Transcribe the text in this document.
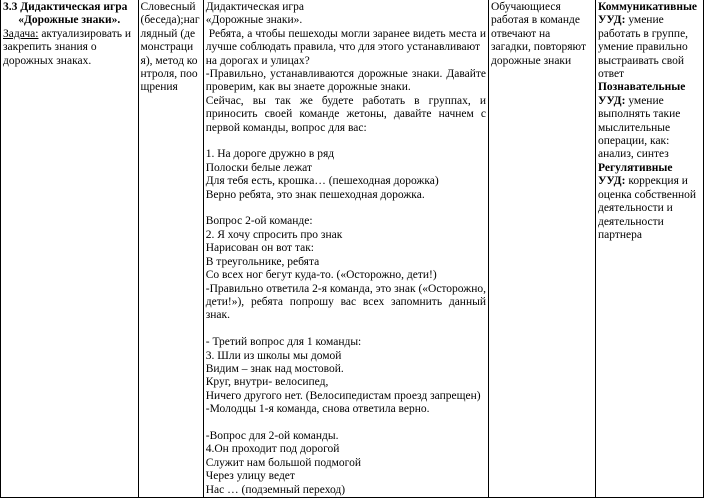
3.3 Дидактическая игра
«Дорожные знаки».
Задача: актуализировать и закрепить знания о дорожных знаках.

Словесный(беседа);наглядный (демонстрация), метод контроля, поощрения

Дидактическая игра
«Дорожные знаки».
Ребята, а чтобы пешеходы могли заранее видеть места и лучше соблюдать правила, что для этого устанавливают
на дорогах и улицах?
-Правильно, устанавливаются дорожные знаки. Давайте проверим, как вы знаете дорожные знаки.
Сейчас, вы так же будете работать в группах, и приносить своей команде жетоны, давайте начнем с первой команды, вопрос для вас:
1. На дороге дружно в ряд
Полоски белые лежат
Для тебя есть, крошка… (пешеходная дорожка)
Верно ребята, это знак пешеходная дорожка.
Вопрос 2-ой команде:
2. Я хочу спросить про знак
Нарисован он вот так:
В треугольнике, ребята
Со всех ног бегут куда-то. («Осторожно, дети!)
-Правильно ответила 2-я команда, это знак («Осторожно, дети!»), ребята попрошу вас всех запомнить данный знак.
- Третий вопрос для 1 команды:
3. Шли из школы мы домой
Видим – знак над мостовой.
Круг, внутри- велосипед,
Ничего другого нет. (Велосипедистам проезд запрещен)
-Молодцы 1-я команда, снова ответила верно.
-Вопрос для 2-ой команды.
4.Он проходит под дорогой
Служит нам большой подмогой
Через улицу ведет
Нас … (подземный переход)

Обучающиеся работая в команде отвечают на загадки, повторяют дорожные знаки

Коммуникативные УУД: умение работать в группе, умение правильно выстраивать свой ответ
Познавательные УУД: умение выполнять такие мыслительные операции, как: анализ, синтез
Регулятивные УУД: коррекция и оценка собственной деятельности и деятельности партнера
